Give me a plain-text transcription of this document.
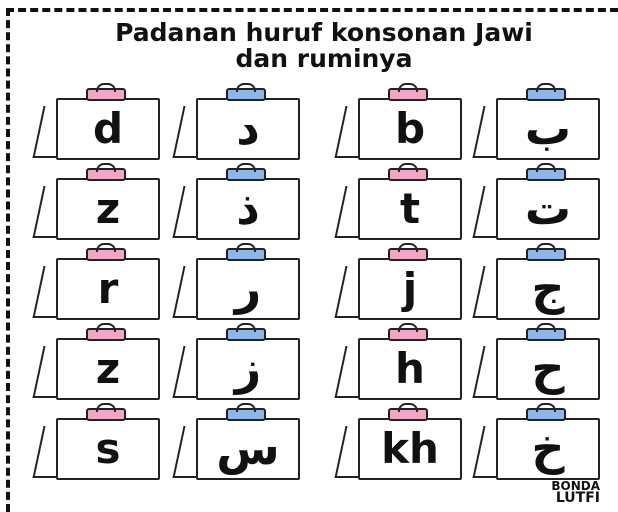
Padanan huruf konsonan Jawi
dan ruminya
d	د	b	ب
z	ذ	t	ت
r	ر	j	ج
z	ز	h	ح
s	س	kh	خ
BONDA
LUTFI
